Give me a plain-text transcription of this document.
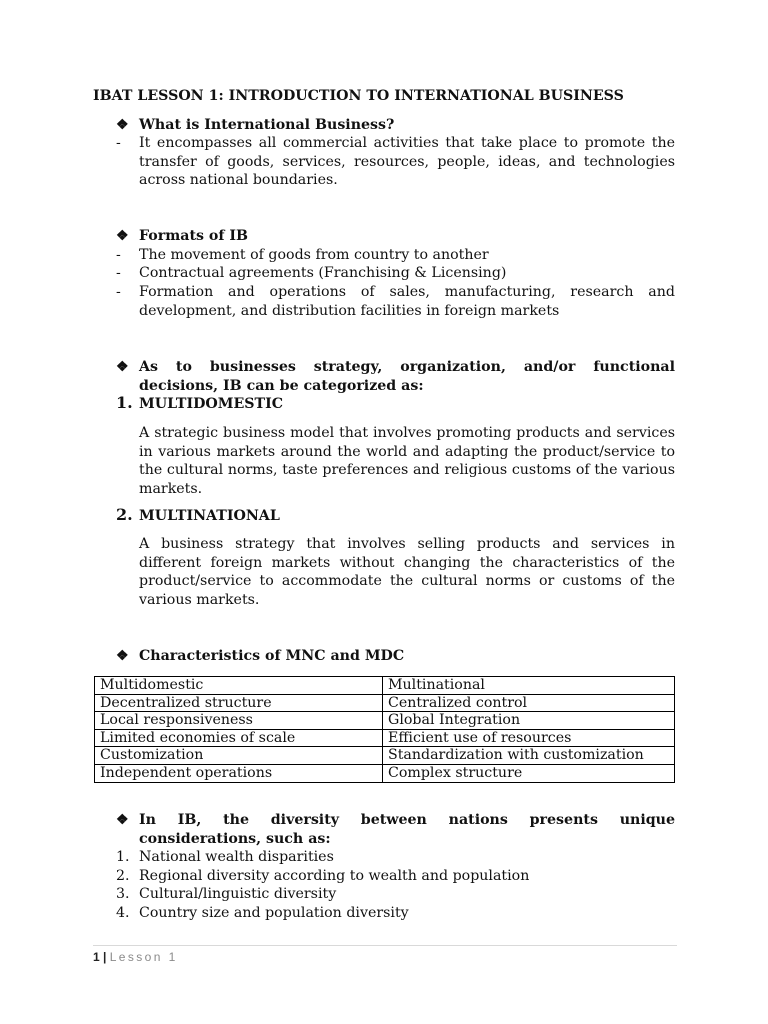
IBAT LESSON 1: INTRODUCTION TO INTERNATIONAL BUSINESS
❖ What is International Business?
- It encompasses all commercial activities that take place to promote the transfer of goods, services, resources, people, ideas, and technologies across national boundaries.
❖ Formats of IB
- The movement of goods from country to another
- Contractual agreements (Franchising & Licensing)
- Formation and operations of sales, manufacturing, research and development, and distribution facilities in foreign markets
❖ As to businesses strategy, organization, and/or functional decisions, IB can be categorized as:
1. MULTIDOMESTIC
A strategic business model that involves promoting products and services in various markets around the world and adapting the product/service to the cultural norms, taste preferences and religious customs of the various markets.
2. MULTINATIONAL
A business strategy that involves selling products and services in different foreign markets without changing the characteristics of the product/service to accommodate the cultural norms or customs of the various markets.
❖ Characteristics of MNC and MDC
Multidomestic	Multinational
Decentralized structure	Centralized control
Local responsiveness	Global Integration
Limited economies of scale	Efficient use of resources
Customization	Standardization with customization
Independent operations	Complex structure
❖ In IB, the diversity between nations presents unique considerations, such as:
1. National wealth disparities
2. Regional diversity according to wealth and population
3. Cultural/linguistic diversity
4. Country size and population diversity
1 | Lesson 1
